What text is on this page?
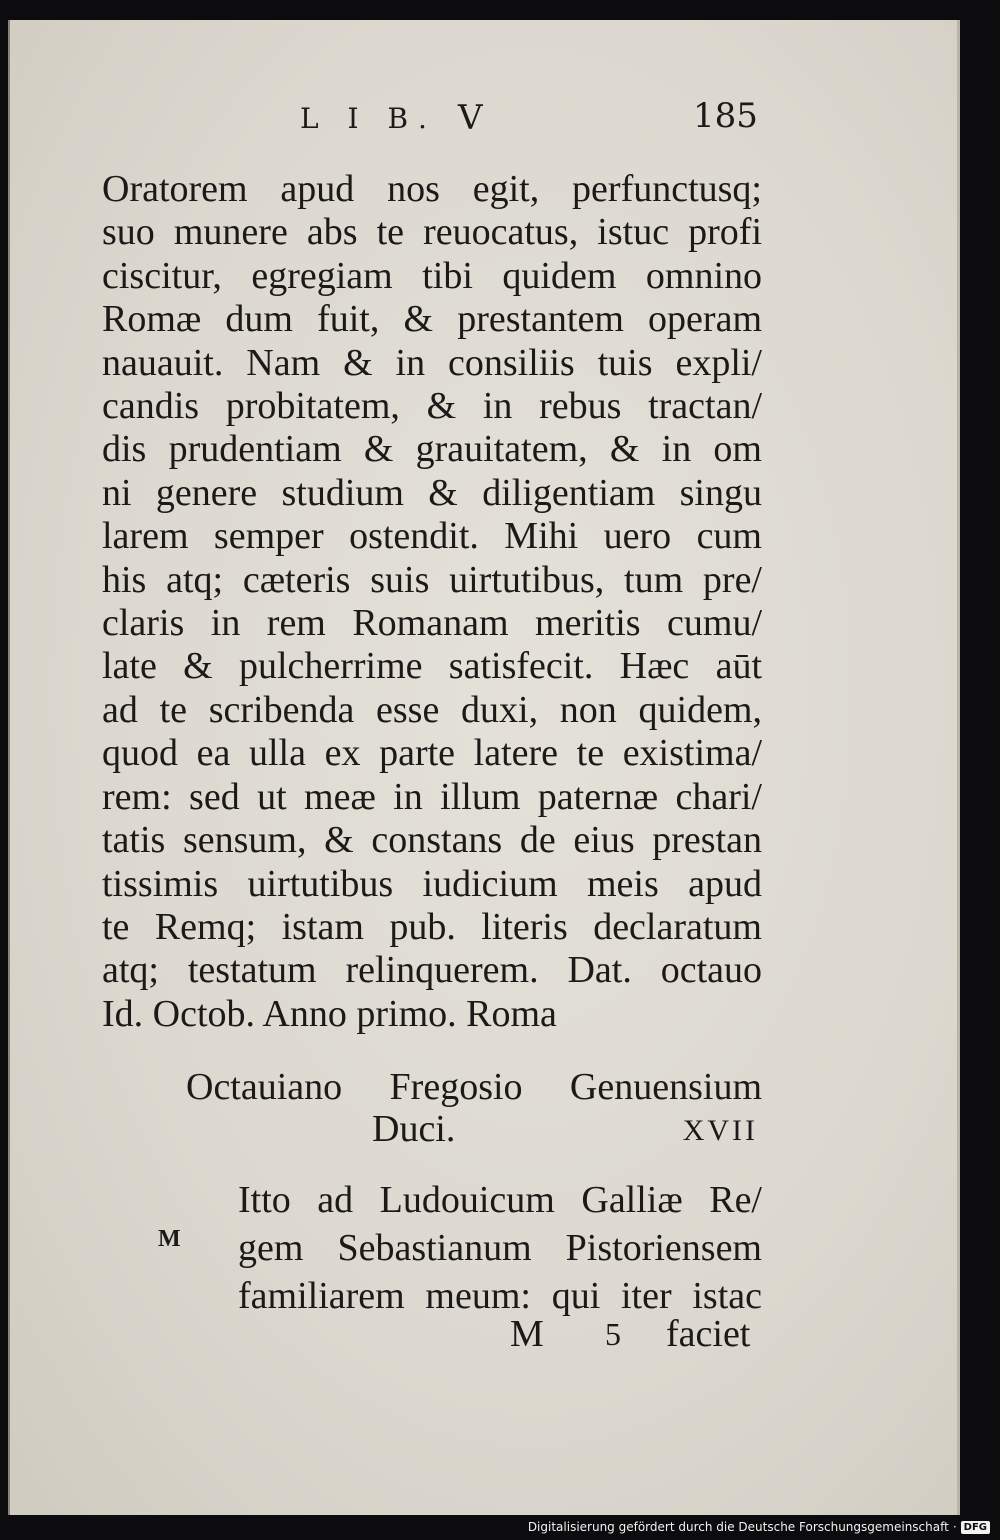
L I B. V	185
Oratorem apud nos egit, perfunctusq;
suo munere abs te reuocatus, istuc profi
ciscitur, egregiam tibi quidem omnino
Romæ dum fuit, & prestantem operam
nauauit. Nam & in consiliis tuis expli/
candis probitatem, & in rebus tractan/
dis prudentiam & grauitatem, & in om
ni genere studium & diligentiam singu
larem semper ostendit. Mihi uero cum
his atq; cæteris suis uirtutibus, tum pre/
claris in rem Romanam meritis cumu/
late & pulcherrime satisfecit. Hæc aūt
ad te scribenda esse duxi, non quidem,
quod ea ulla ex parte latere te existima/
rem: sed ut meæ in illum paternæ chari/
tatis sensum, & constans de eius prestan
tissimis uirtutibus iudicium meis apud
te Remq; istam pub. literis declaratum
atq; testatum relinquerem. Dat. octauo
Id. Octob. Anno primo. Roma
Octauiano Fregosio Genuensium
Duci.	XVII
M
Itto ad Ludouicum Galliæ Re/
gem Sebastianum Pistoriensem
familiarem meum: qui iter istac
M 5 faciet
Digitalisierung gefördert durch die Deutsche Forschungsgemeinschaft · DFG
